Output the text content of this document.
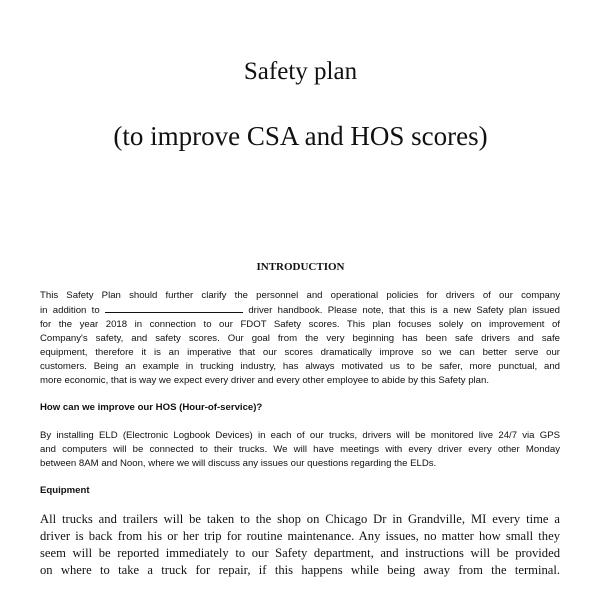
Safety plan
(to improve CSA and HOS scores)
INTRODUCTION
This Safety Plan should further clarify the personnel and operational policies for drivers of our company
in addition to	driver handbook. Please note, that this is a new Safety plan issued
for the year 2018 in connection to our FDOT Safety scores. This plan focuses solely on improvement of
Company's safety, and safety scores. Our goal from the very beginning has been safe drivers and safe
equipment, therefore it is an imperative that our scores dramatically improve so we can better serve our
customers. Being an example in trucking industry, has always motivated us to be safer, more punctual, and
more economic, that is way we expect every driver and every other employee to abide by this Safety plan.
How can we improve our HOS (Hour-of-service)?
By installing ELD (Electronic Logbook Devices) in each of our trucks, drivers will be monitored live 24/7 via GPS
and computers will be connected to their trucks. We will have meetings with every driver every other Monday
between 8AM and Noon, where we will discuss any issues our questions regarding the ELDs.
Equipment
All trucks and trailers will be taken to the shop on Chicago Dr in Grandville, MI every time a
driver is back from his or her trip for routine maintenance. Any issues, no matter how small they
seem will be reported immediately to our Safety department, and instructions will be provided
on where to take a truck for repair, if this happens while being away from the terminal.
